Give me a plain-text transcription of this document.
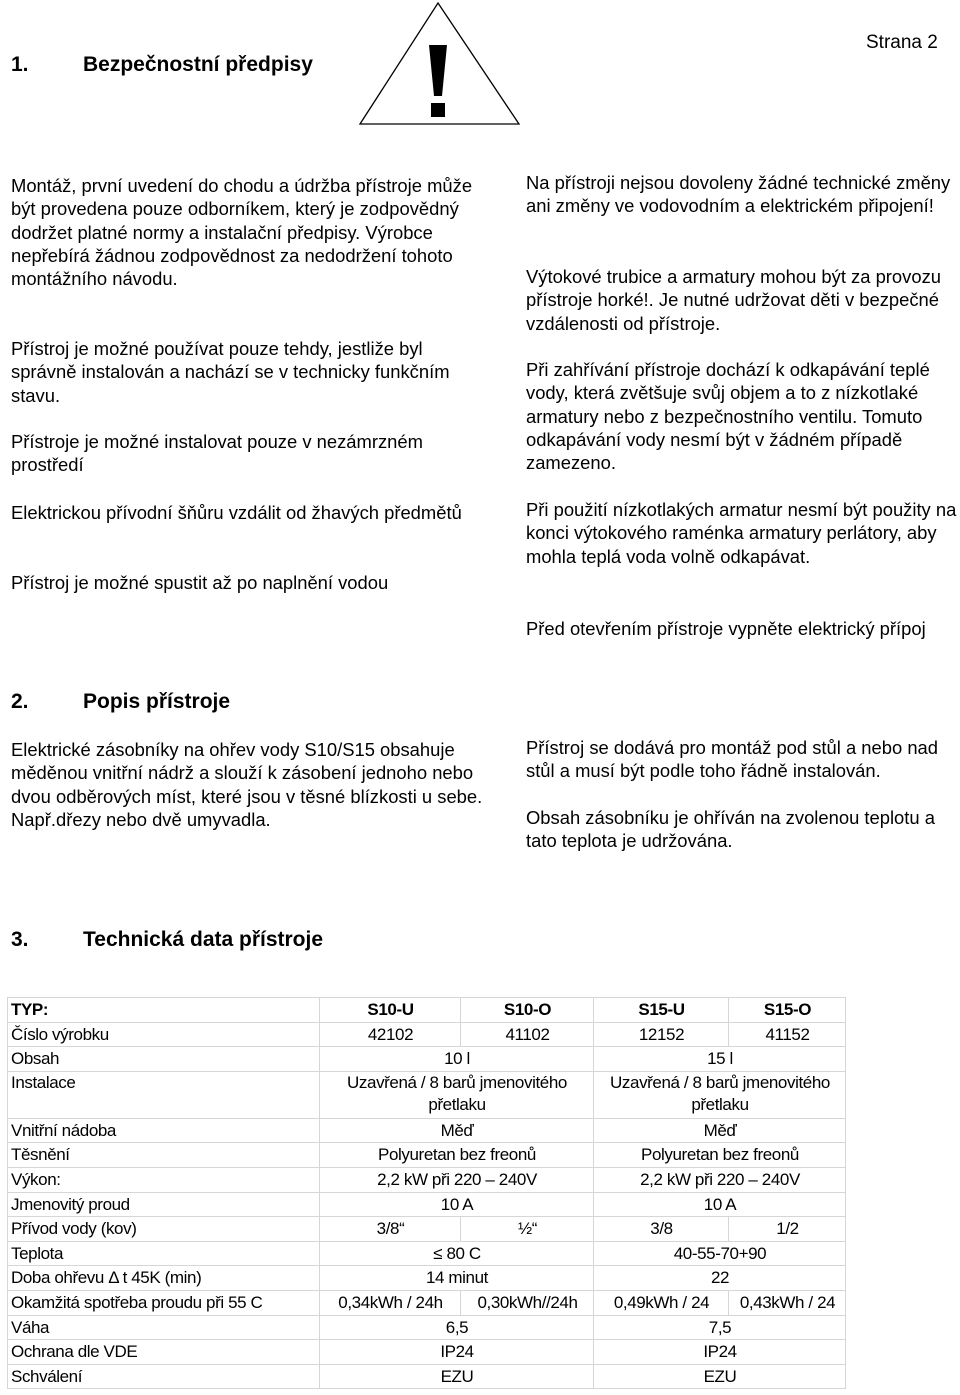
Strana 2
1.	Bezpečnostní předpisy

Montáž, první uvedení do chodu a údržba přístroje může být provedena pouze odborníkem, který je zodpovědný dodržet platné normy a instalační předpisy. Výrobce nepřebírá žádnou zodpovědnost za nedodržení tohoto montážního návodu.

Přístroj je možné používat pouze tehdy, jestliže byl správně instalován a nachází se v technicky funkčním stavu.

Přístroje je možné instalovat pouze v nezámrzném prostředí

Elektrickou přívodní šňůru vzdálit od žhavých předmětů

Přístroj je možné spustit až po naplnění vodou

Na přístroji nejsou dovoleny žádné technické změny ani změny ve vodovodním a elektrickém připojení!

Výtokové trubice a armatury mohou být za provozu přístroje horké!. Je nutné udržovat děti v bezpečné vzdálenosti od přístroje.

Při zahřívání přístroje dochází k odkapávání teplé vody, která zvětšuje svůj objem a to z nízkotlaké armatury nebo z bezpečnostního ventilu. Tomuto odkapávání vody nesmí být v žádném případě zamezeno.

Při použití nízkotlakých armatur nesmí být použity na konci výtokového raménka armatury perlátory, aby mohla teplá voda volně odkapávat.

Před otevřením přístroje vypněte elektrický přípoj

2.	Popis přístroje

Elektrické zásobníky na ohřev vody S10/S15 obsahuje měděnou vnitřní nádrž a slouží k zásobení jednoho nebo dvou odběrových míst, které jsou v těsné blízkosti u sebe. Např.dřezy nebo dvě umyvadla.

Přístroj se dodává pro montáž pod stůl a nebo nad stůl a musí být podle toho řádně instalován.

Obsah zásobníku je ohříván na zvolenou teplotu a tato teplota je udržována.

3.	Technická data přístroje
TYP:	S10-U	S10-O	S15-U	S15-O
Číslo výrobku	42102	41102	12152	41152
Obsah	10 l		15 l	
Instalace	Uzavřená / 8 barů jmenovitého přetlaku		Uzavřená / 8 barů jmenovitého přetlaku	
Vnitřní nádoba	Měď		Měď	
Těsnění	Polyuretan bez freonů		Polyuretan bez freonů	
Výkon:	2,2 kW při 220 – 240V		2,2 kW při 220 – 240V	
Jmenovitý proud	10 A		10 A	
Přívod vody (kov)	3/8“	½“	3/8	1/2
Teplota	≤ 80 C		40-55-70+90	
Doba ohřevu Δ t 45K (min)	14 minut		22	
Okamžitá spotřeba proudu při 55 C	0,34kWh / 24h	0,30kWh//24h	0,49kWh / 24	0,43kWh / 24
Váha	6,5		7,5	
Ochrana dle VDE	IP24		IP24	
Schválení	EZU		EZU	
